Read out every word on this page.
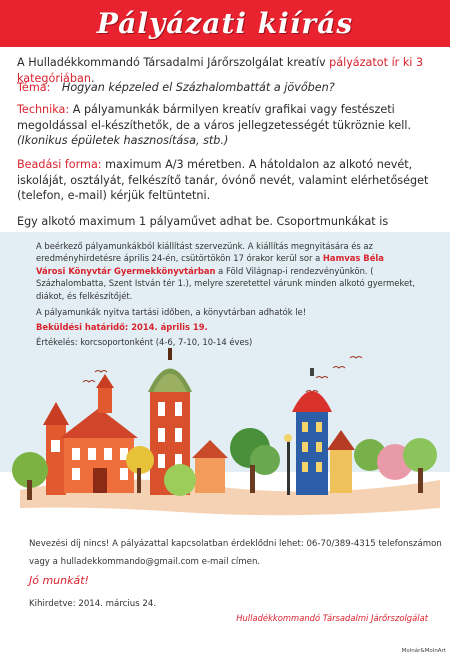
Pályázati kiírás
A Hulladékkommandó Társadalmi Járőrszolgálat kreatív pályázatot ír ki 3 kategóriában.
Téma: Hogyan képzeled el Százhalombattát a jövőben?
Technika: A pályamunkák bármilyen kreatív grafikai vagy festészeti megoldással el-készíthetők, de a város jellegzetességét tükröznie kell. (Ikonikus épületek hasznosítása, stb.)
Beadási forma: maximum A/3 méretben. A hátoldalon az alkotó nevét, iskoláját, osztályát, felkészítő tanár, óvónő nevét, valamint elérhetőséget (telefon, e-mail) kérjük feltüntetni.
Egy alkotó maximum 1 pályaművet adhat be. Csoportmunkákat is
A beérkező pályamunkákból kiállítást szervezünk. A kiállítás megnyitására és az eredményhirdetésre április 24-én, csütörtökön 17 órakor kerül sor a Hamvas Béla Városi Könyvtár Gyermekkönyvtárban a Föld Világnap-i rendezvényünkön. ( Százhalombatta, Szent István tér 1.), melyre szeretettel várunk minden alkotó gyermeket, diákot, és felkészítőjét.
A pályamunkák nyitva tartási időben, a könyvtárban adhatók le!
Beküldési határidő: 2014. április 19.
Értékelés: korcsoportonként (4-6, 7-10, 10-14 éves)
Nevezési díj nincs! A pályázattal kapcsolatban érdeklődni lehet: 06-70/389-4315 telefonszámon
vagy a hulladekkommando@gmail.com e-mail címen.
Jó munkát!
Kihirdetve: 2014. március 24.
Hulladékkommandó Társadalmi Járőrszolgálat
Molnár&MolnArt
